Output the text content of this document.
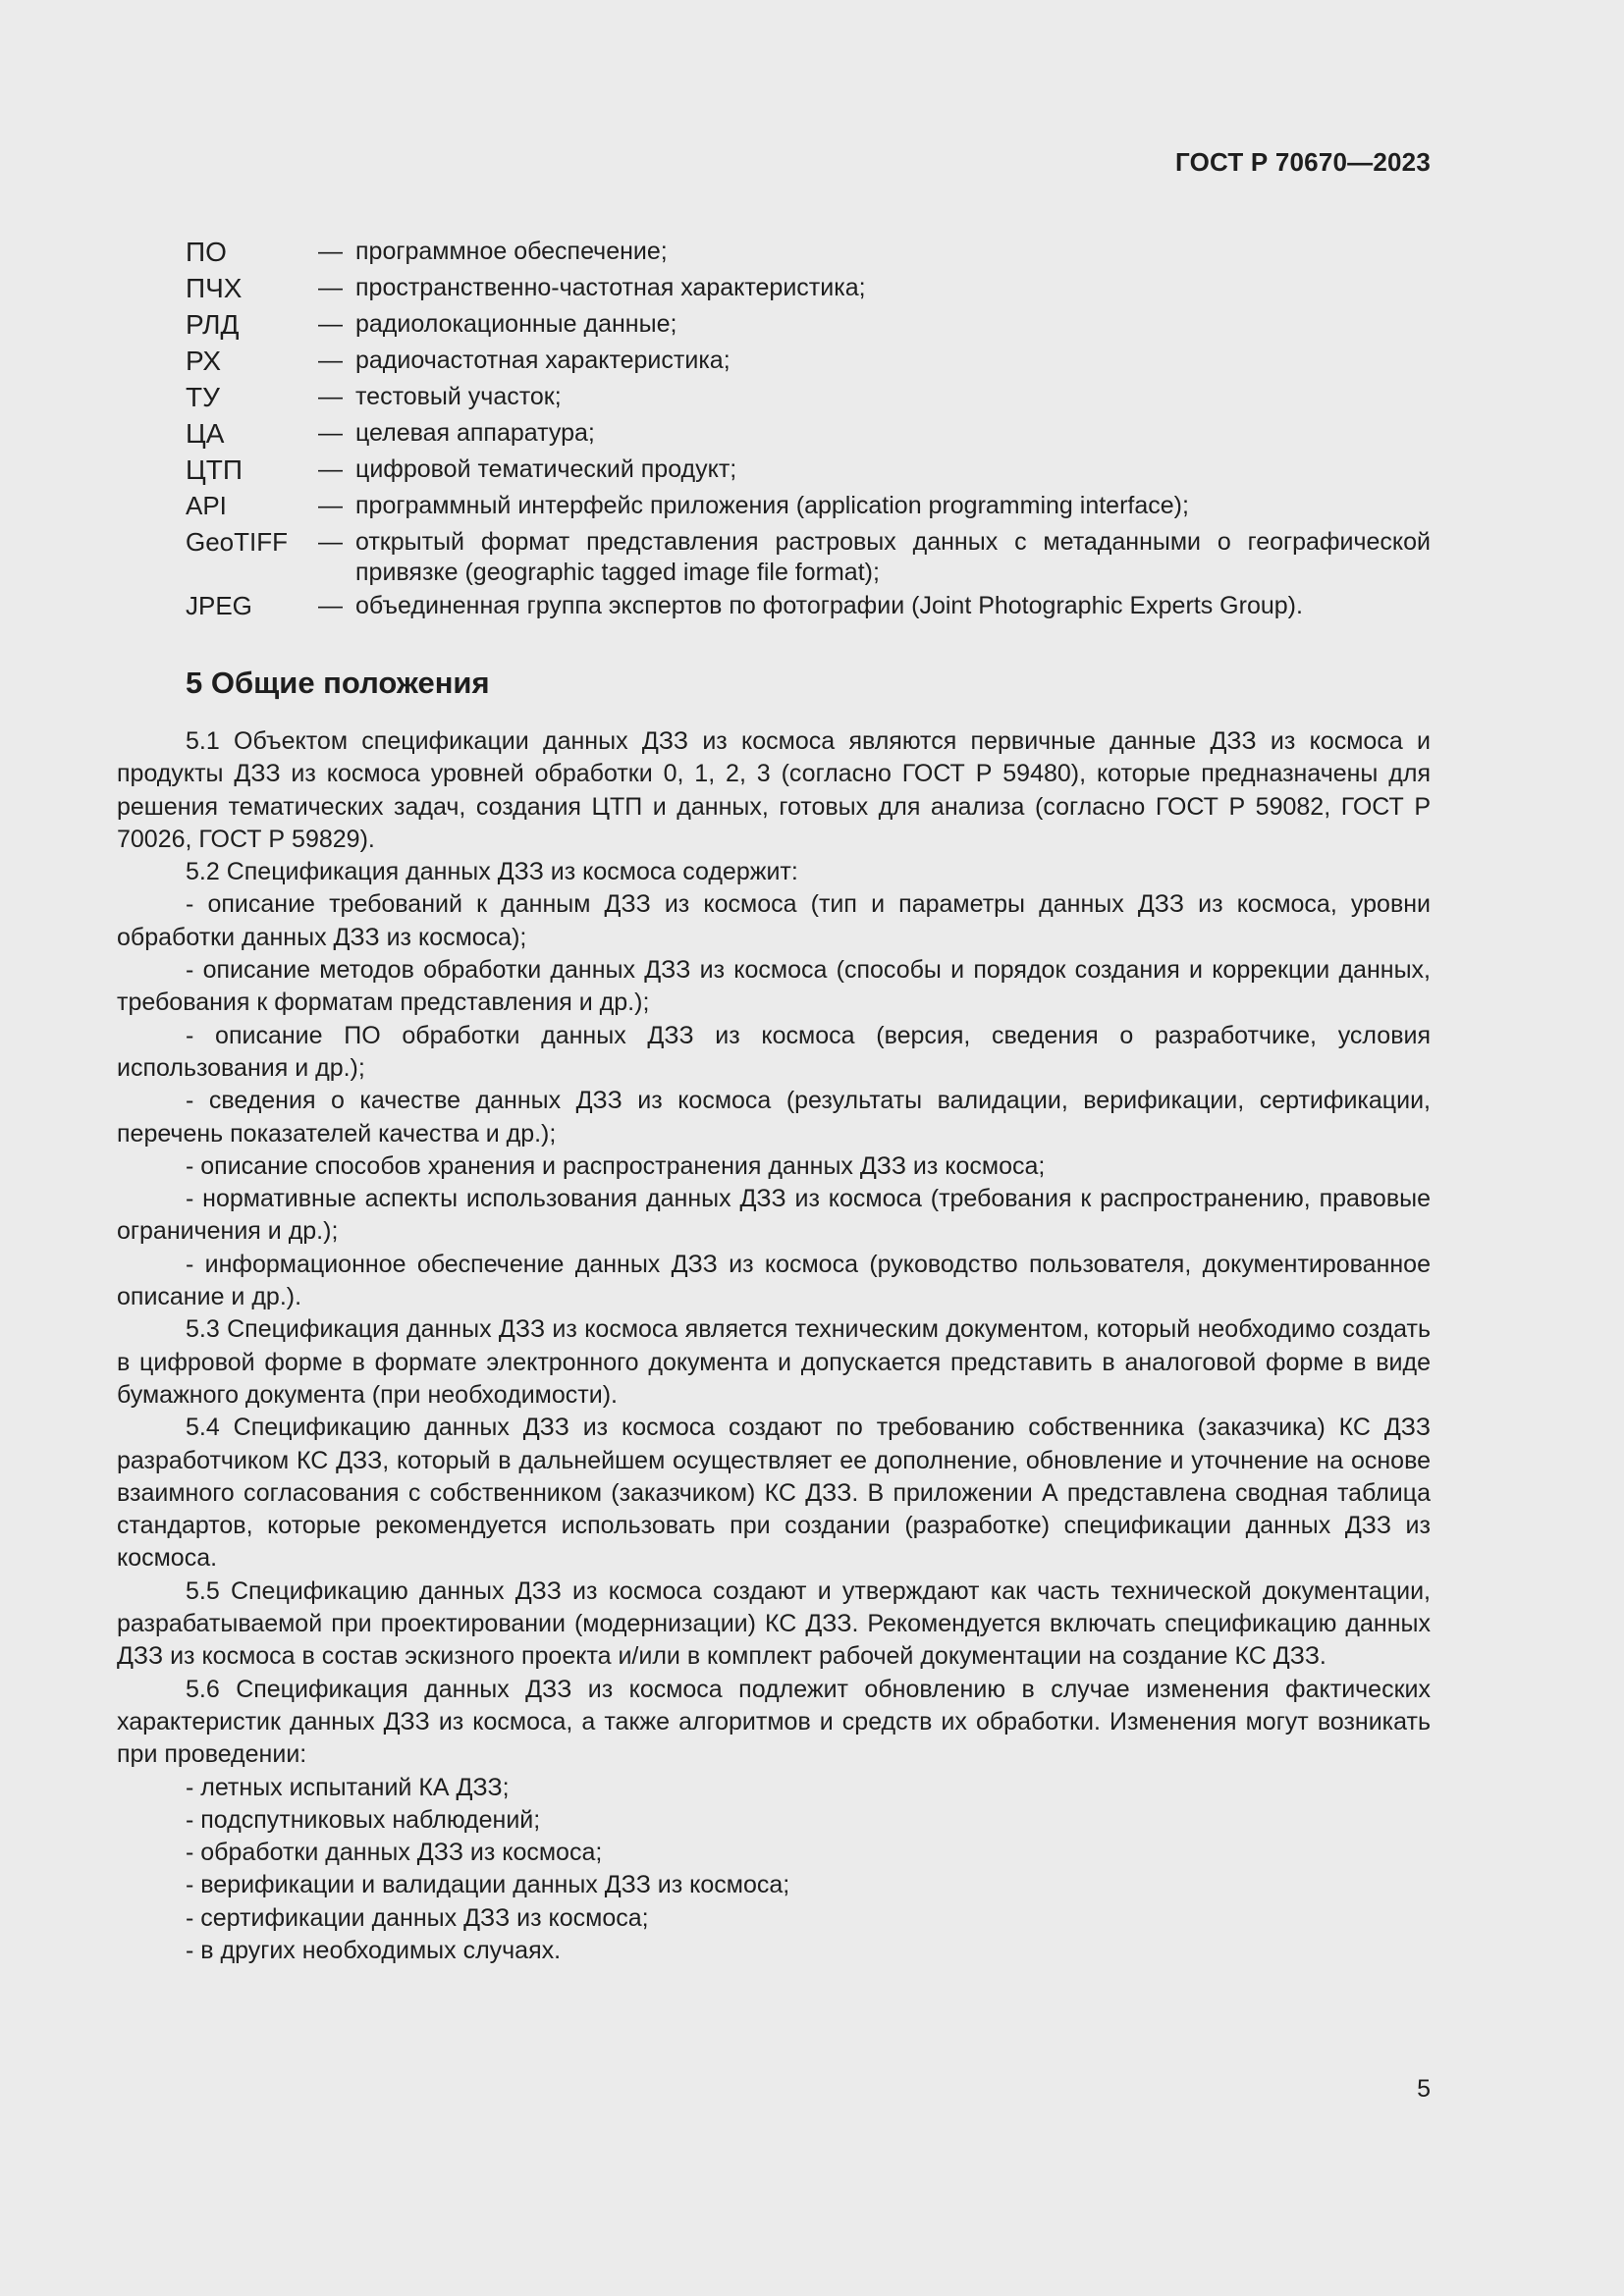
ГОСТ Р 70670—2023
ПО	— программное обеспечение;
ПЧХ	— пространственно-частотная характеристика;
РЛД	— радиолокационные данные;
РХ	— радиочастотная характеристика;
ТУ	— тестовый участок;
ЦА	— целевая аппаратура;
ЦТП	— цифровой тематический продукт;
API	— программный интерфейс приложения (application programming interface);
GeoTIFF	— открытый формат представления растровых данных с метаданными о географической привязке (geographic tagged image file format);
JPEG	— объединенная группа экспертов по фотографии (Joint Photographic Experts Group).
5 Общие положения

5.1 Объектом спецификации данных ДЗЗ из космоса являются первичные данные ДЗЗ из космоса и продукты ДЗЗ из космоса уровней обработки 0, 1, 2, 3 (согласно ГОСТ Р 59480), которые предназначены для решения тематических задач, создания ЦТП и данных, готовых для анализа (согласно ГОСТ Р 59082, ГОСТ Р 70026, ГОСТ Р 59829).

5.2 Спецификация данных ДЗЗ из космоса содержит:

- описание требований к данным ДЗЗ из космоса (тип и параметры данных ДЗЗ из космоса, уровни обработки данных ДЗЗ из космоса);

- описание методов обработки данных ДЗЗ из космоса (способы и порядок создания и коррекции данных, требования к форматам представления и др.);

- описание ПО обработки данных ДЗЗ из космоса (версия, сведения о разработчике, условия использования и др.);

- сведения о качестве данных ДЗЗ из космоса (результаты валидации, верификации, сертификации, перечень показателей качества и др.);

- описание способов хранения и распространения данных ДЗЗ из космоса;

- нормативные аспекты использования данных ДЗЗ из космоса (требования к распространению, правовые ограничения и др.);

- информационное обеспечение данных ДЗЗ из космоса (руководство пользователя, документированное описание и др.).

5.3 Спецификация данных ДЗЗ из космоса является техническим документом, который необходимо создать в цифровой форме в формате электронного документа и допускается представить в аналоговой форме в виде бумажного документа (при необходимости).

5.4 Спецификацию данных ДЗЗ из космоса создают по требованию собственника (заказчика) КС ДЗЗ разработчиком КС ДЗЗ, который в дальнейшем осуществляет ее дополнение, обновление и уточнение на основе взаимного согласования с собственником (заказчиком) КС ДЗЗ. В приложении А представлена сводная таблица стандартов, которые рекомендуется использовать при создании (разработке) спецификации данных ДЗЗ из космоса.

5.5 Спецификацию данных ДЗЗ из космоса создают и утверждают как часть технической документации, разрабатываемой при проектировании (модернизации) КС ДЗЗ. Рекомендуется включать спецификацию данных ДЗЗ из космоса в состав эскизного проекта и/или в комплект рабочей документации на создание КС ДЗЗ.

5.6 Спецификация данных ДЗЗ из космоса подлежит обновлению в случае изменения фактических характеристик данных ДЗЗ из космоса, а также алгоритмов и средств их обработки. Изменения могут возникать при проведении:

- летных испытаний КА ДЗЗ;

- подспутниковых наблюдений;

- обработки данных ДЗЗ из космоса;

- верификации и валидации данных ДЗЗ из космоса;

- сертификации данных ДЗЗ из космоса;

- в других необходимых случаях.

5
